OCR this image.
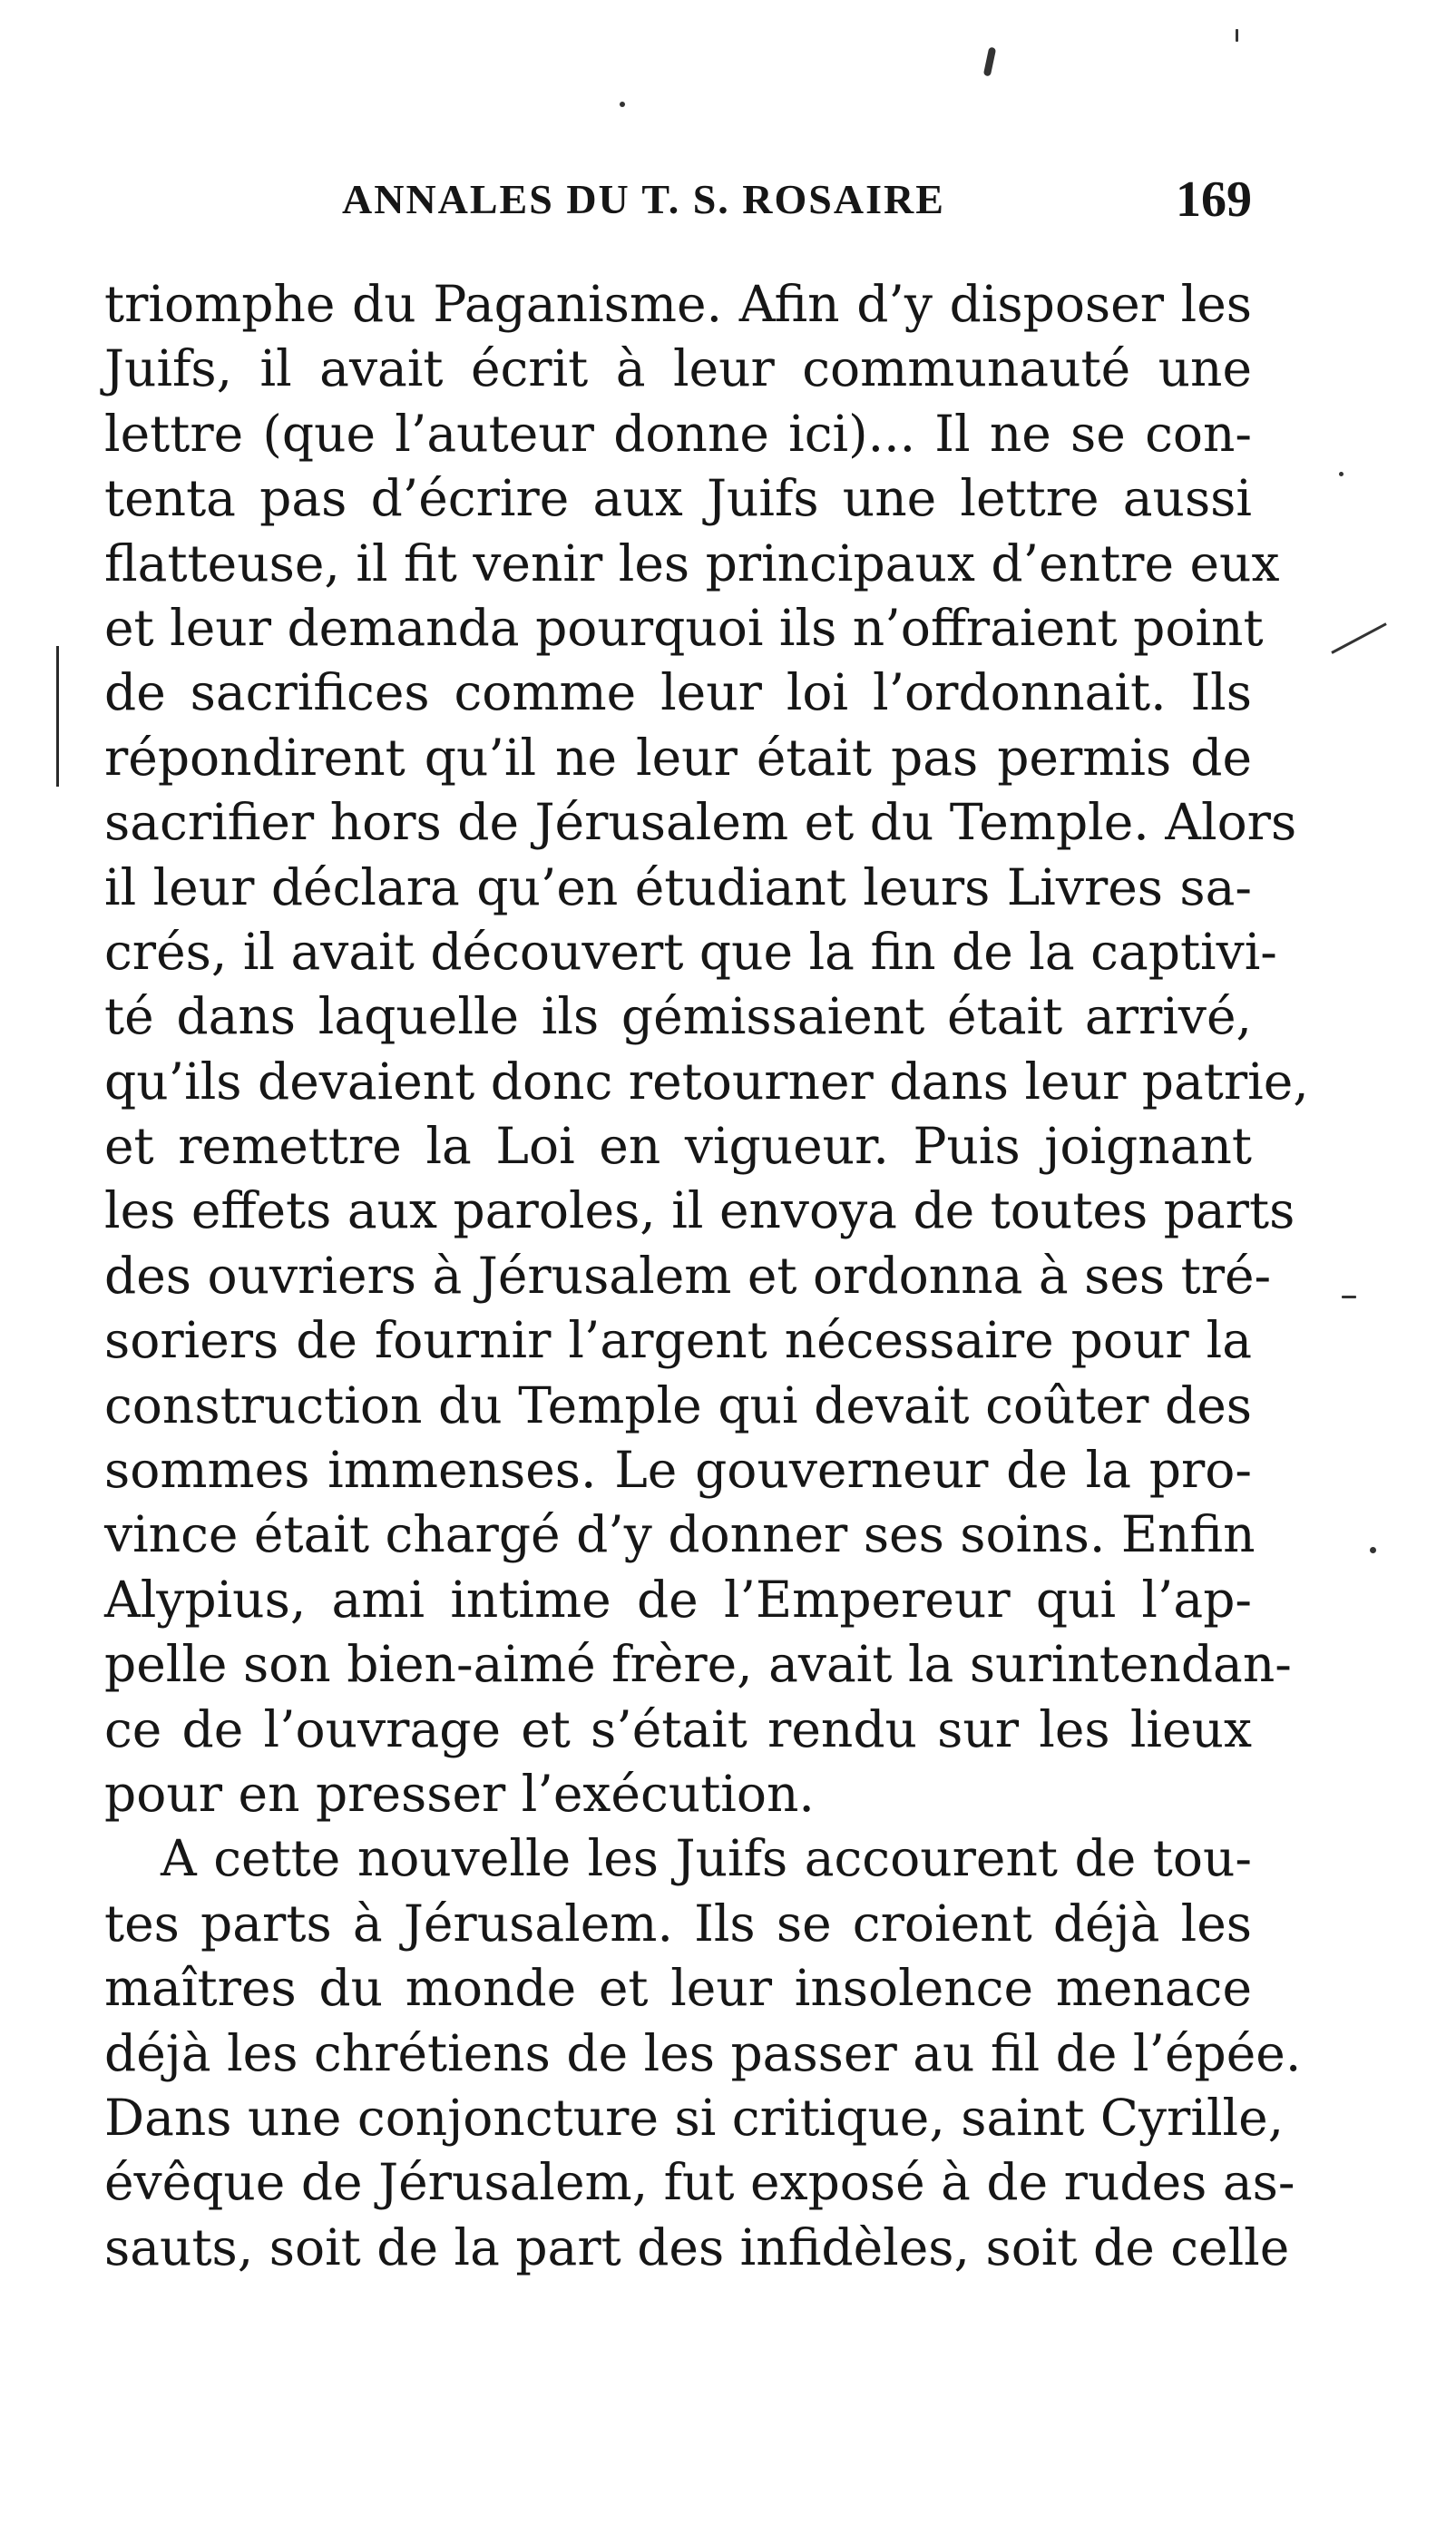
ANNALES DU T. S. ROSAIRE	169
triomphe du Paganisme. Afin d’y disposer les
Juifs, il avait écrit à leur communauté une
lettre (que l’auteur donne ici)... Il ne se con-
tenta pas d’écrire aux Juifs une lettre aussi
flatteuse, il fit venir les principaux d’entre eux
et leur demanda pourquoi ils n’offraient point
de sacrifices comme leur loi l’ordonnait. Ils
répondirent qu’il ne leur était pas permis de
sacrifier hors de Jérusalem et du Temple. Alors
il leur déclara qu’en étudiant leurs Livres sa-
crés, il avait découvert que la fin de la captivi-
té dans laquelle ils gémissaient était arrivé,
qu’ils devaient donc retourner dans leur patrie,
et remettre la Loi en vigueur. Puis joignant
les effets aux paroles, il envoya de toutes parts
des ouvriers à Jérusalem et ordonna à ses tré-
soriers de fournir l’argent nécessaire pour la
construction du Temple qui devait coûter des
sommes immenses. Le gouverneur de la pro-
vince était chargé d’y donner ses soins. Enfin
Alypius, ami intime de l’Empereur qui l’ap-
pelle son bien-aimé frère, avait la surintendan-
ce de l’ouvrage et s’était rendu sur les lieux
pour en presser l’exécution.
A cette nouvelle les Juifs accourent de tou-
tes parts à Jérusalem. Ils se croient déjà les
maîtres du monde et leur insolence menace
déjà les chrétiens de les passer au fil de l’épée.
Dans une conjoncture si critique, saint Cyrille,
évêque de Jérusalem, fut exposé à de rudes as-
sauts, soit de la part des infidèles, soit de celle
